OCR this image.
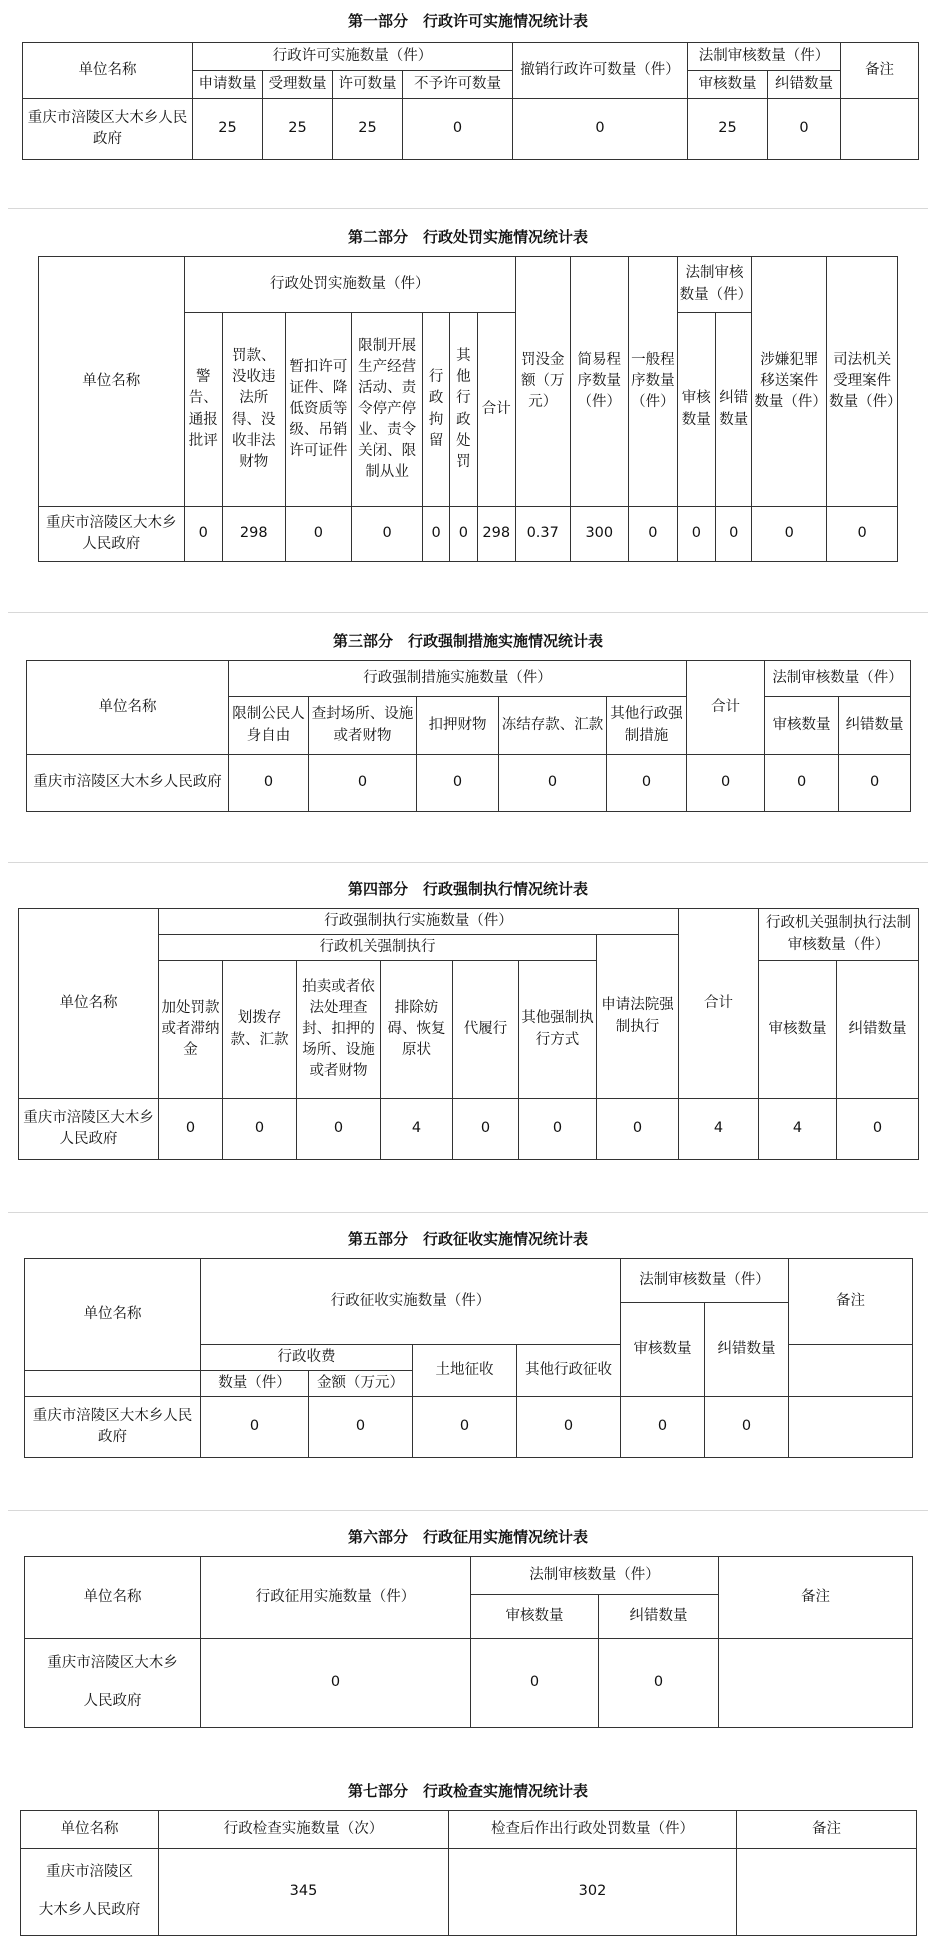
第一部分　行政许可实施情况统计表
单位名称	行政许可实施数量（件）				撤销行政许可数量（件）	法制审核数量（件）		备注
	申请数量	受理数量	许可数量	不予许可数量		审核数量	纠错数量	
重庆市涪陵区大木乡人民政府	25	25	25	0	0	25	0	
第二部分　行政处罚实施情况统计表
单位名称	行政处罚实施数量（件）							罚没金额（万元）	简易程序数量（件）	一般程序数量（件）	法制审核数量（件）		涉嫌犯罪移送案件数量（件）	司法机关受理案件数量（件）
	警告、通报批评	罚款、没收违法所得、没收非法财物	暂扣许可证件、降低资质等级、吊销许可证件	限制开展生产经营活动、责令停产停业、责令关闭、限制从业	行政拘留	其他行政处罚	合计				审核数量	纠错数量		
重庆市涪陵区大木乡人民政府	0	298	0	0	0	0	298	0.37	300	0	0	0	0	0
第三部分　行政强制措施实施情况统计表
单位名称	行政强制措施实施数量（件）					合计	法制审核数量（件）	
	限制公民人身自由	查封场所、设施或者财物	扣押财物	冻结存款、汇款	其他行政强制措施		审核数量	纠错数量
重庆市涪陵区大木乡人民政府	0	0	0	0	0	0	0	0
第四部分　行政强制执行情况统计表
单位名称	行政强制执行实施数量（件）							合计	行政机关强制执行法制审核数量（件）	
	行政机关强制执行						申请法院强制执行			
	加处罚款或者滞纳金	划拨存款、汇款	拍卖或者依法处理查封、扣押的场所、设施或者财物	排除妨碍、恢复原状	代履行	其他强制执行方式			审核数量	纠错数量
重庆市涪陵区大木乡人民政府	0	0	0	4	0	0	0	4	4	0
第五部分　行政征收实施情况统计表
单位名称	行政征收实施数量（件）				法制审核数量（件）		备注
					审核数量	纠错数量	
	行政收费		土地征收	其他行政征收			
	数量（件）	金额（万元）					
重庆市涪陵区大木乡人民政府	0	0	0	0	0	0	
第六部分　行政征用实施情况统计表
单位名称	行政征用实施数量（件）	法制审核数量（件）		备注
		审核数量	纠错数量	
重庆市涪陵区大木乡
人民政府	0	0	0	
第七部分　行政检查实施情况统计表
单位名称	行政检查实施数量（次）	检查后作出行政处罚数量（件）	备注
重庆市涪陵区
大木乡人民政府	345	302	
